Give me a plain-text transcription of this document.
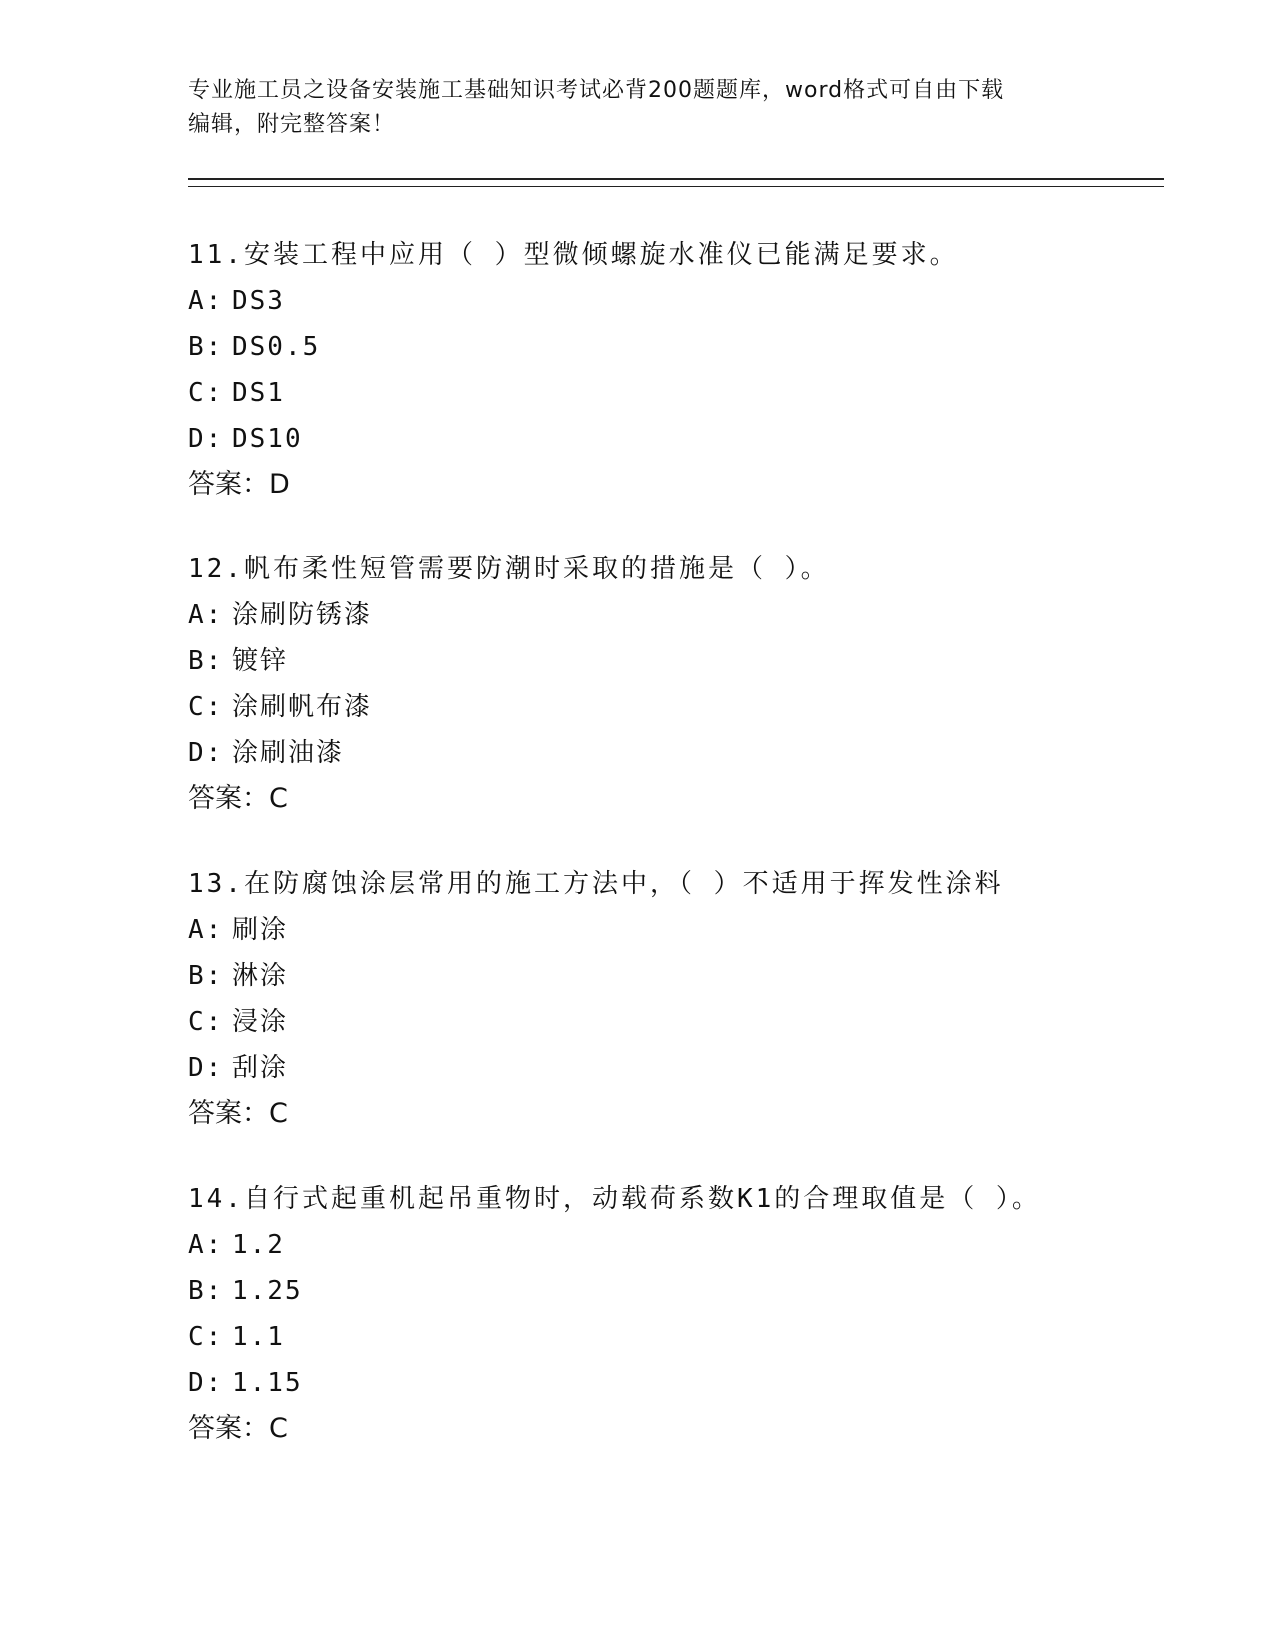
专业施工员之设备安装施工基础知识考试必背200题题库，word格式可自由下载
编辑，附完整答案！
11.安装工程中应用（ ）型微倾螺旋水准仪已能满足要求。
A: DS3
B: DS0.5
C: DS1
D: DS10
答案：D
12.帆布柔性短管需要防潮时采取的措施是（ ）。
A: 涂刷防锈漆
B: 镀锌
C: 涂刷帆布漆
D: 涂刷油漆
答案：C
13.在防腐蚀涂层常用的施工方法中，（ ）不适用于挥发性涂料
A: 刷涂
B: 淋涂
C: 浸涂
D: 刮涂
答案：C
14.自行式起重机起吊重物时，动载荷系数K1的合理取值是（ ）。
A: 1.2
B: 1.25
C: 1.1
D: 1.15
答案：C
